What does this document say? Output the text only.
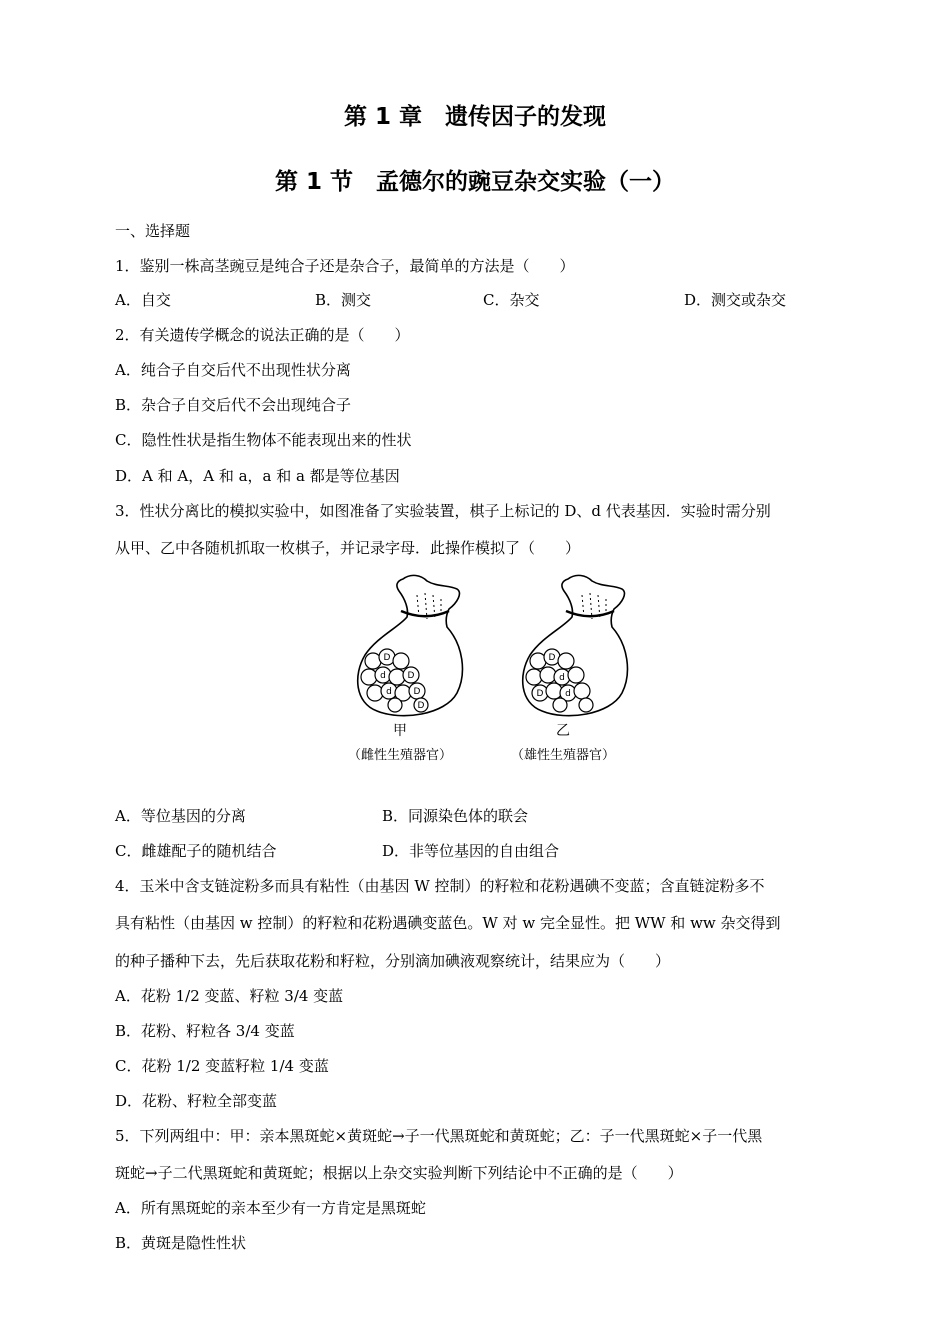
第 1 章　遗传因子的发现
第 1 节　孟德尔的豌豆杂交实验（一）
一、选择题
1．鉴别一株高茎豌豆是纯合子还是杂合子，最简单的方法是（　　）
A．自交	B．测交	C．杂交	D．测交或杂交
2．有关遗传学概念的说法正确的是（　　）
A．纯合子自交后代不出现性状分离
B．杂合子自交后代不会出现纯合子
C．隐性性状是指生物体不能表现出来的性状
D．A 和 A，A 和 a，a 和 a 都是等位基因
3．性状分离比的模拟实验中，如图准备了实验装置，棋子上标记的 D、d 代表基因．实验时需分别
从甲、乙中各随机抓取一枚棋子，并记录字母．此操作模拟了（　　）
D
d D
d D
D
D
d
D d
甲
（雌性生殖器官）
乙
（雄性生殖器官）
A．等位基因的分离	B．同源染色体的联会
C．雌雄配子的随机结合	D．非等位基因的自由组合
4．玉米中含支链淀粉多而具有粘性（由基因 W 控制）的籽粒和花粉遇碘不变蓝；含直链淀粉多不
具有粘性（由基因 w 控制）的籽粒和花粉遇碘变蓝色。W 对 w 完全显性。把 WW 和 ww 杂交得到
的种子播种下去，先后获取花粉和籽粒，分别滴加碘液观察统计，结果应为（　　）
A．花粉 1/2 变蓝、籽粒 3/4 变蓝
B．花粉、籽粒各 3/4 变蓝
C．花粉 1/2 变蓝籽粒 1/4 变蓝
D．花粉、籽粒全部变蓝
5．下列两组中：甲：亲本黑斑蛇×黄斑蛇→子一代黑斑蛇和黄斑蛇；乙：子一代黑斑蛇×子一代黑
斑蛇→子二代黑斑蛇和黄斑蛇；根据以上杂交实验判断下列结论中不正确的是（　　）
A．所有黑斑蛇的亲本至少有一方肯定是黑斑蛇
B．黄斑是隐性性状
